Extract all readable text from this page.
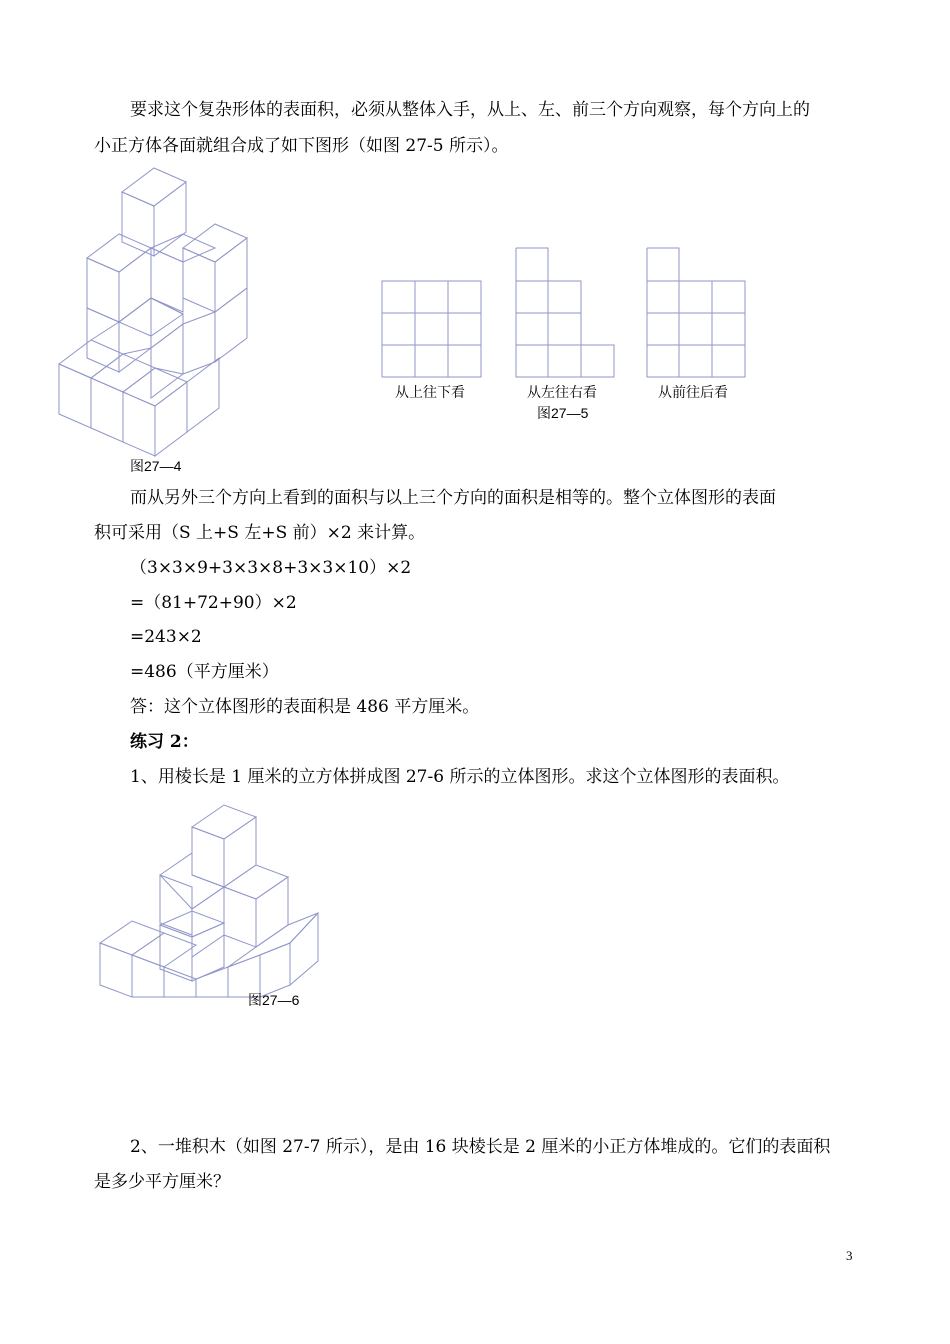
要求这个复杂形体的表面积，必须从整体入手，从上、左、前三个方向观察，每个方向上的
小正方体各面就组合成了如下图形（如图 27-5 所示）。
图27—4
从上往下看	从左往右看	从前往后看
图27—5
而从另外三个方向上看到的面积与以上三个方向的面积是相等的。整个立体图形的表面
积可采用（S 上+S 左+S 前）×2 来计算。
（3×3×9+3×3×8+3×3×10）×2
=（81+72+90）×2
=243×2
=486（平方厘米）
答：这个立体图形的表面积是 486 平方厘米。
练习 2：
1、用棱长是 1 厘米的立方体拼成图 27-6 所示的立体图形。求这个立体图形的表面积。
图27—6
2、一堆积木（如图 27-7 所示），是由 16 块棱长是 2 厘米的小正方体堆成的。它们的表面积
是多少平方厘米？
3
